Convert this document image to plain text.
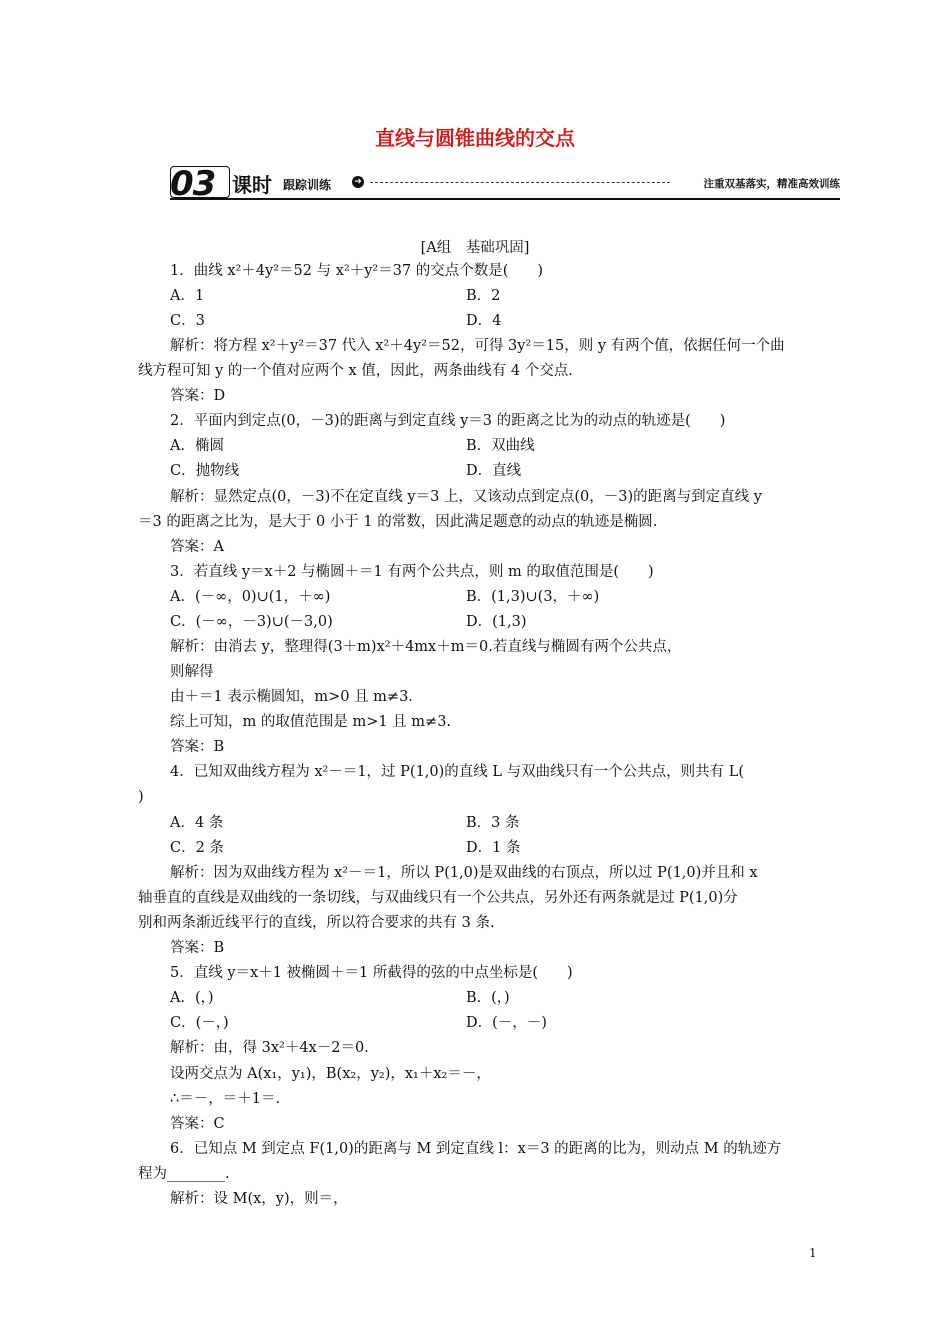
直线与圆锥曲线的交点
03 课时 跟踪训练	➔	注重双基落实，精准高效训练
[A组　基础巩固]
1．曲线 x²＋4y²＝52 与 x²＋y²＝37 的交点个数是(　　)
A．1	B．2
C．3	D．4
解析：将方程 x²＋y²＝37 代入 x²＋4y²＝52，可得 3y²＝15，则 y 有两个值，依据任何一个曲
线方程可知 y 的一个值对应两个 x 值，因此，两条曲线有 4 个交点.
答案：D
2．平面内到定点(0，－3)的距离与到定直线 y＝3 的距离之比为的动点的轨迹是(　　)
A．椭圆	B．双曲线
C．抛物线	D．直线
解析：显然定点(0，－3)不在定直线 y＝3 上，又该动点到定点(0，－3)的距离与到定直线 y
＝3 的距离之比为，是大于 0 小于 1 的常数，因此满足题意的动点的轨迹是椭圆.
答案：A
3．若直线 y＝x＋2 与椭圆＋＝1 有两个公共点，则 m 的取值范围是(　　)
A．(－∞，0)∪(1，＋∞)	B．(1,3)∪(3，＋∞)
C．(－∞，－3)∪(－3,0)	D．(1,3)
解析：由消去 y，整理得(3＋m)x²＋4mx＋m＝0.若直线与椭圆有两个公共点，
则解得
由＋＝1 表示椭圆知，m>0 且 m≠3.
综上可知，m 的取值范围是 m>1 且 m≠3.
答案：B
4．已知双曲线方程为 x²－＝1，过 P(1,0)的直线 L 与双曲线只有一个公共点，则共有 L(
)
A．4 条	B．3 条
C．2 条	D．1 条
解析：因为双曲线方程为 x²－＝1，所以 P(1,0)是双曲线的右顶点，所以过 P(1,0)并且和 x
轴垂直的直线是双曲线的一条切线，与双曲线只有一个公共点，另外还有两条就是过 P(1,0)分
别和两条渐近线平行的直线，所以符合要求的共有 3 条.
答案：B
5．直线 y＝x＋1 被椭圆＋＝1 所截得的弦的中点坐标是(　　)
A．(，)	B．(，)
C．(－，)	D．(－，－)
解析：由，得 3x²＋4x－2＝0.
设两交点为 A(x₁，y₁)，B(x₂，y₂)，x₁＋x₂＝－，
∴＝－，＝＋1＝.
答案：C
6．已知点 M 到定点 F(1,0)的距离与 M 到定直线 l：x＝3 的距离的比为，则动点 M 的轨迹方
程为________.
解析：设 M(x，y)，则＝，
1
